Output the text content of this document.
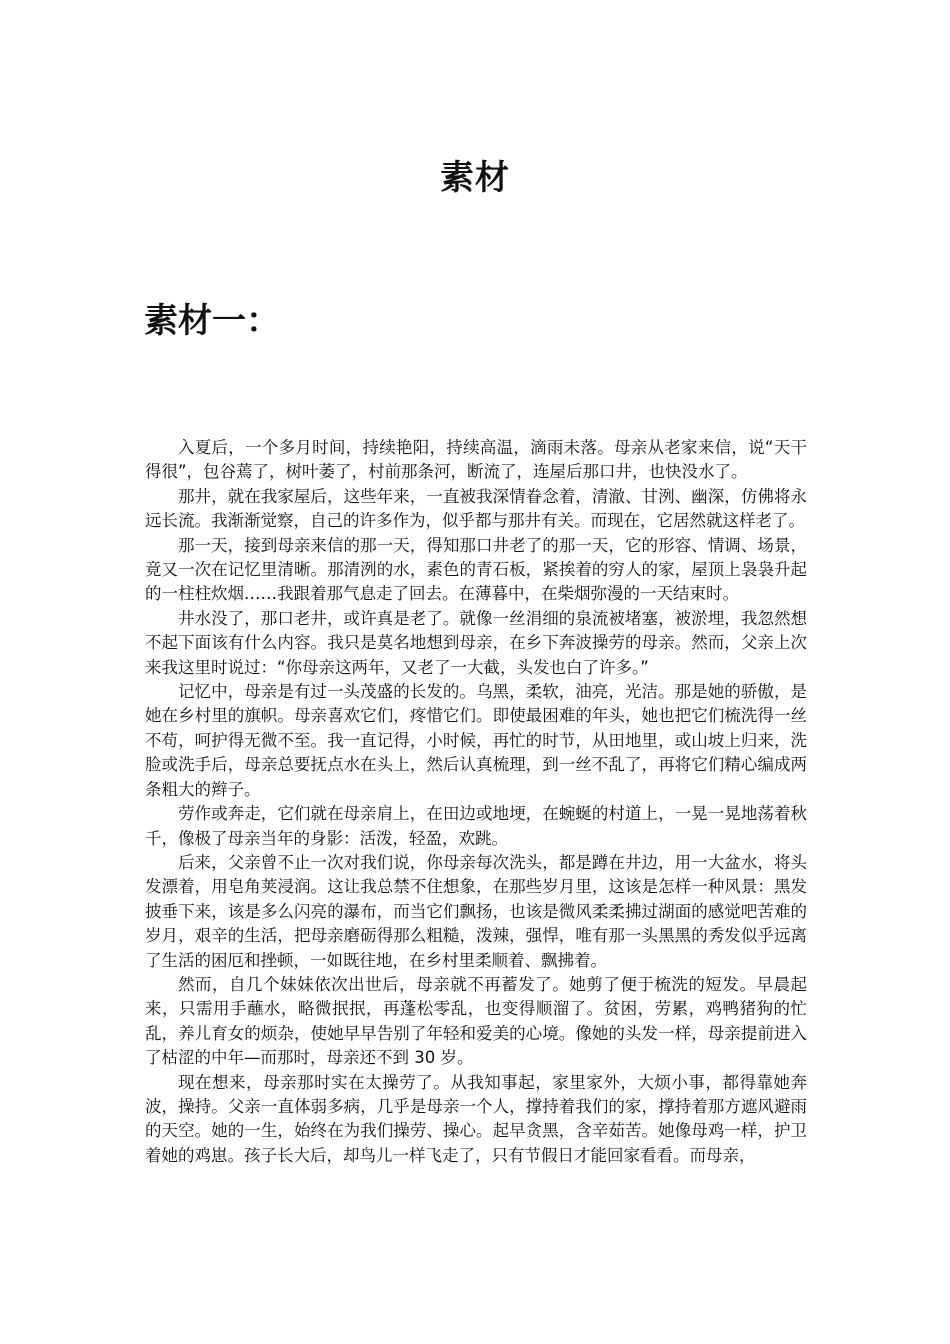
素材
素材一：

入夏后，一个多月时间，持续艳阳，持续高温，滴雨未落。母亲从老家来信，说“天干得很”，包谷蔫了，树叶萎了，村前那条河，断流了，连屋后那口井，也快没水了。

那井，就在我家屋后，这些年来，一直被我深情眷念着，清澈、甘洌、幽深，仿佛将永远长流。我渐渐觉察，自己的许多作为，似乎都与那井有关。而现在，它居然就这样老了。

那一天，接到母亲来信的那一天，得知那口井老了的那一天，它的形容、情调、场景，竟又一次在记忆里清晰。那清洌的水，素色的青石板，紧挨着的穷人的家，屋顶上袅袅升起的一柱柱炊烟……我跟着那气息走了回去。在薄暮中，在柴烟弥漫的一天结束时。

井水没了，那口老井，或许真是老了。就像一丝涓细的泉流被堵塞，被淤埋，我忽然想不起下面该有什么内容。我只是莫名地想到母亲，在乡下奔波操劳的母亲。然而，父亲上次来我这里时说过：“你母亲这两年，又老了一大截，头发也白了许多。”

记忆中，母亲是有过一头茂盛的长发的。乌黑，柔软，油亮，光洁。那是她的骄傲，是她在乡村里的旗帜。母亲喜欢它们，疼惜它们。即使最困难的年头，她也把它们梳洗得一丝不苟，呵护得无微不至。我一直记得，小时候，再忙的时节，从田地里，或山坡上归来，洗脸或洗手后，母亲总要抚点水在头上，然后认真梳理，到一丝不乱了，再将它们精心编成两条粗大的辫子。

劳作或奔走，它们就在母亲肩上，在田边或地埂，在蜿蜒的村道上，一晃一晃地荡着秋千，像极了母亲当年的身影：活泼，轻盈，欢跳。

后来，父亲曾不止一次对我们说，你母亲每次洗头，都是蹲在井边，用一大盆水，将头发漂着，用皂角荚浸润。这让我总禁不住想象，在那些岁月里，这该是怎样一种风景：黑发披垂下来，该是多么闪亮的瀑布，而当它们飘扬，也该是微风柔柔拂过湖面的感觉吧苦难的岁月，艰辛的生活，把母亲磨砺得那么粗糙，泼辣，强悍，唯有那一头黑黑的秀发似乎远离了生活的困厄和挫顿，一如既往地，在乡村里柔顺着、飘拂着。

然而，自几个妹妹依次出世后，母亲就不再蓄发了。她剪了便于梳洗的短发。早晨起来，只需用手蘸水，略微抿抿，再蓬松零乱，也变得顺溜了。贫困，劳累，鸡鸭猪狗的忙乱，养儿育女的烦杂，使她早早告别了年轻和爱美的心境。像她的头发一样，母亲提前进入了枯涩的中年—而那时，母亲还不到 30 岁。

现在想来，母亲那时实在太操劳了。从我知事起，家里家外，大烦小事，都得靠她奔波，操持。父亲一直体弱多病，几乎是母亲一个人，撑持着我们的家，撑持着那方遮风避雨的天空。她的一生，始终在为我们操劳、操心。起早贪黑，含辛茹苦。她像母鸡一样，护卫着她的鸡崽。孩子长大后，却鸟儿一样飞走了，只有节假日才能回家看看。而母亲，
